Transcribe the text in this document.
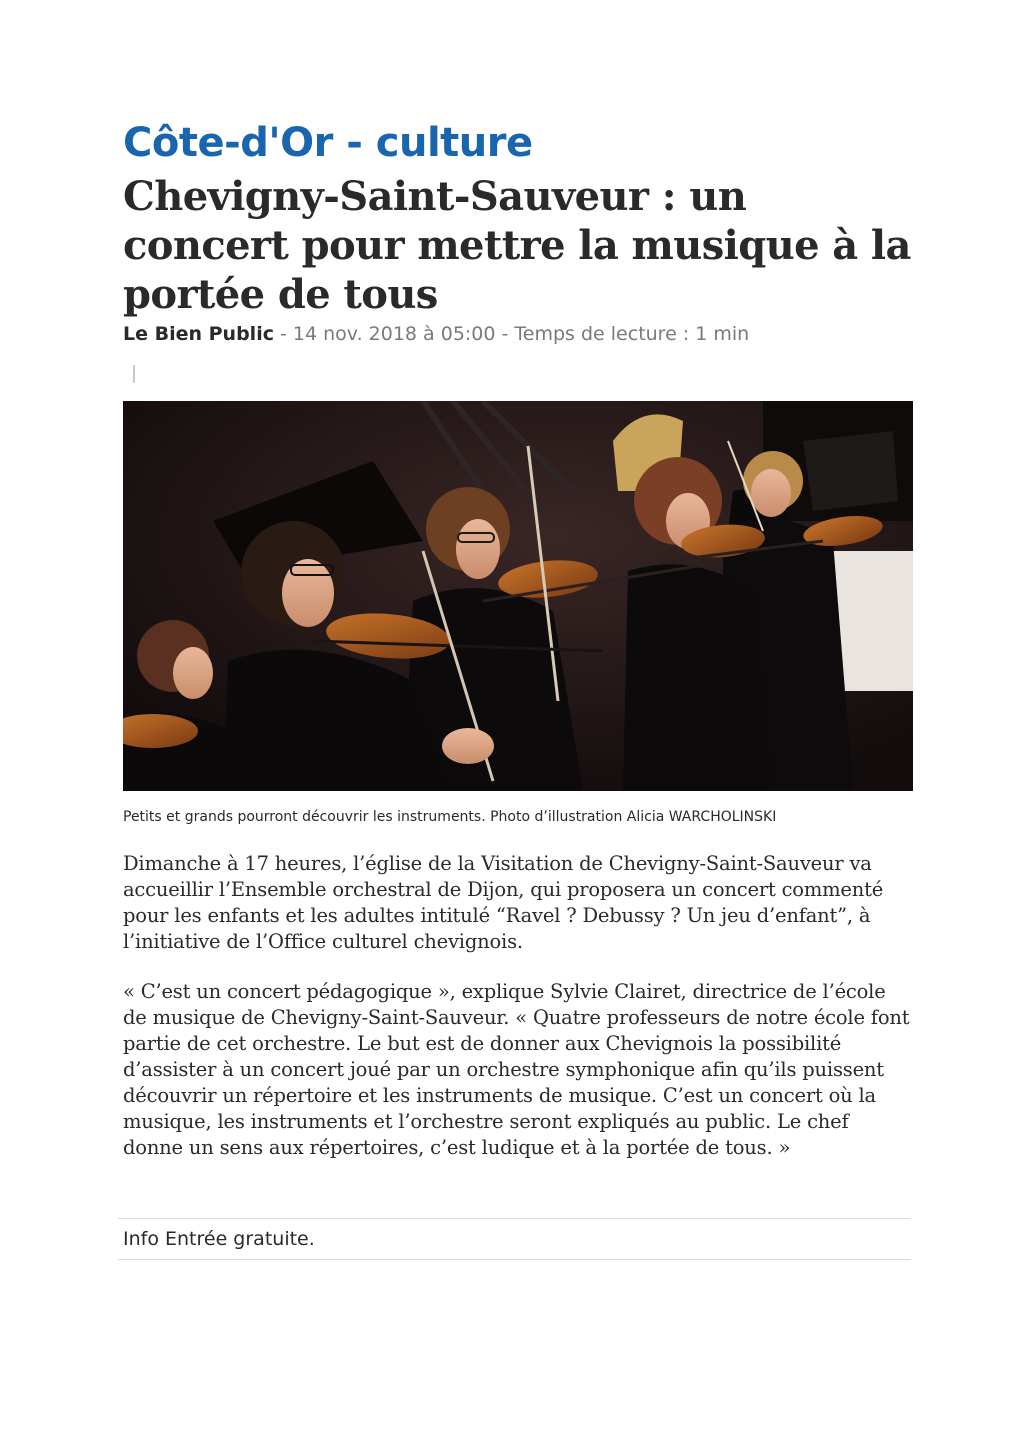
Côte-d'Or - culture
Chevigny-Saint-Sauveur : un concert pour mettre la musique à la portée de tous

Le Bien Public - 14 nov. 2018 à 05:00 - Temps de lecture : 1 min

Petits et grands pourront découvrir les instruments. Photo d’illustration Alicia WARCHOLINSKI

Dimanche à 17 heures, l’église de la Visitation de Chevigny-Saint-Sauveur va accueillir l’Ensemble orchestral de Dijon, qui proposera un concert commenté pour les enfants et les adultes intitulé “Ravel ? Debussy ? Un jeu d’enfant”, à l’initiative de l’Office culturel chevignois.

« C’est un concert pédagogique », explique Sylvie Clairet, directrice de l’école de musique de Chevigny-Saint-Sauveur. « Quatre professeurs de notre école font partie de cet orchestre. Le but est de donner aux Chevignois la possibilité d’assister à un concert joué par un orchestre symphonique afin qu’ils puissent découvrir un répertoire et les instruments de musique. C’est un concert où la musique, les instruments et l’orchestre seront expliqués au public. Le chef donne un sens aux répertoires, c’est ludique et à la portée de tous. »

Info Entrée gratuite.
